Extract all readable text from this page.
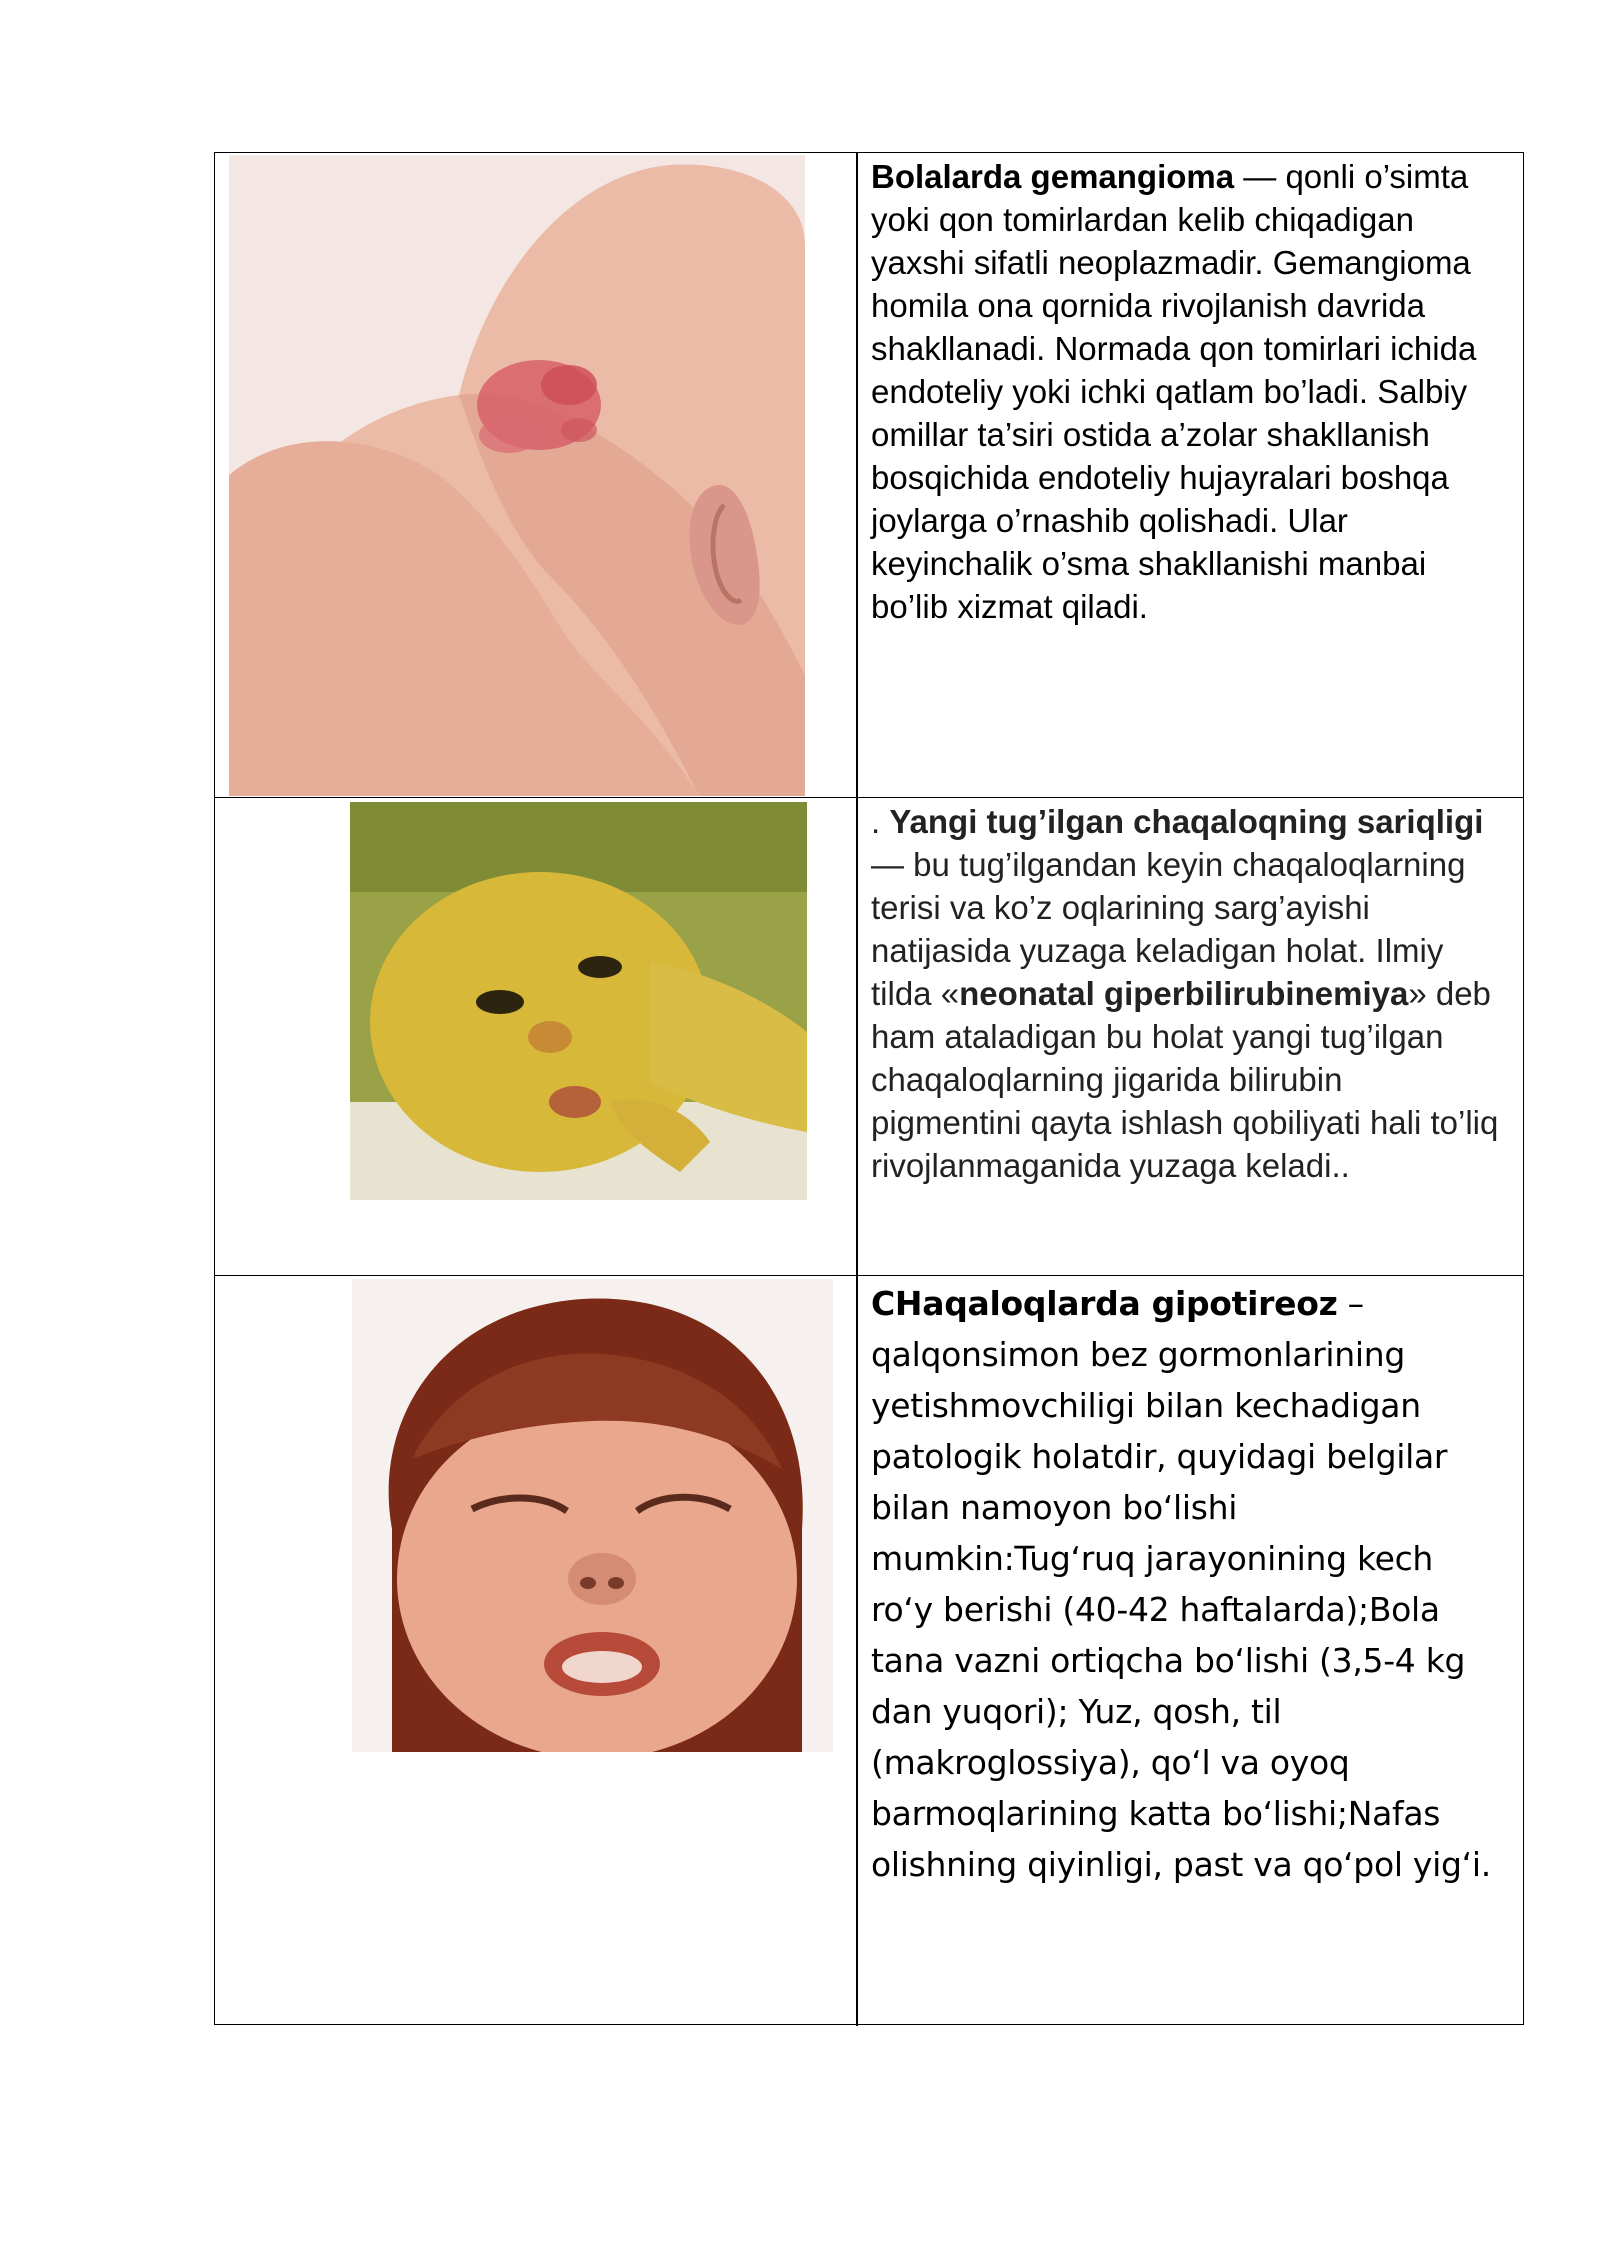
Bolalarda gemangioma — qonli o’simta yoki qon tomirlardan kelib chiqadigan yaxshi sifatli neoplazmadir. Gemangioma homila ona qornida rivojlanish davrida shakllanadi. Normada qon tomirlari ichida endoteliy yoki ichki qatlam bo’ladi. Salbiy omillar ta’siri ostida a’zolar shakllanish bosqichida endoteliy hujayralari boshqa joylarga o’rnashib qolishadi. Ular keyinchalik o’sma shakllanishi manbai bo’lib xizmat qiladi.

. Yangi tug’ilgan chaqaloqning sariqligi — bu tug’ilgandan keyin chaqaloqlarning terisi va ko’z oqlarining sarg’ayishi natijasida yuzaga keladigan holat. Ilmiy tilda «neonatal giperbilirubinemiya» deb ham ataladigan bu holat yangi tug’ilgan chaqaloqlarning jigarida bilirubin pigmentini qayta ishlash qobiliyati hali to’liq rivojlanmaganida yuzaga keladi..

CHaqaloqlarda gipotireoz – qalqonsimon bez gormonlarining yetishmovchiligi bilan kechadigan patologik holatdir, quyidagi belgilar bilan namoyon boʻlishi mumkin:Tugʻruq jarayonining kech roʻy berishi (40-42 haftalarda);Bola tana vazni ortiqcha boʻlishi (3,5-4 kg dan yuqori); Yuz, qosh, til (makroglossiya), qoʻl va oyoq barmoqlarining katta boʻlishi;Nafas olishning qiyinligi, past va qoʻpol yigʻi.
